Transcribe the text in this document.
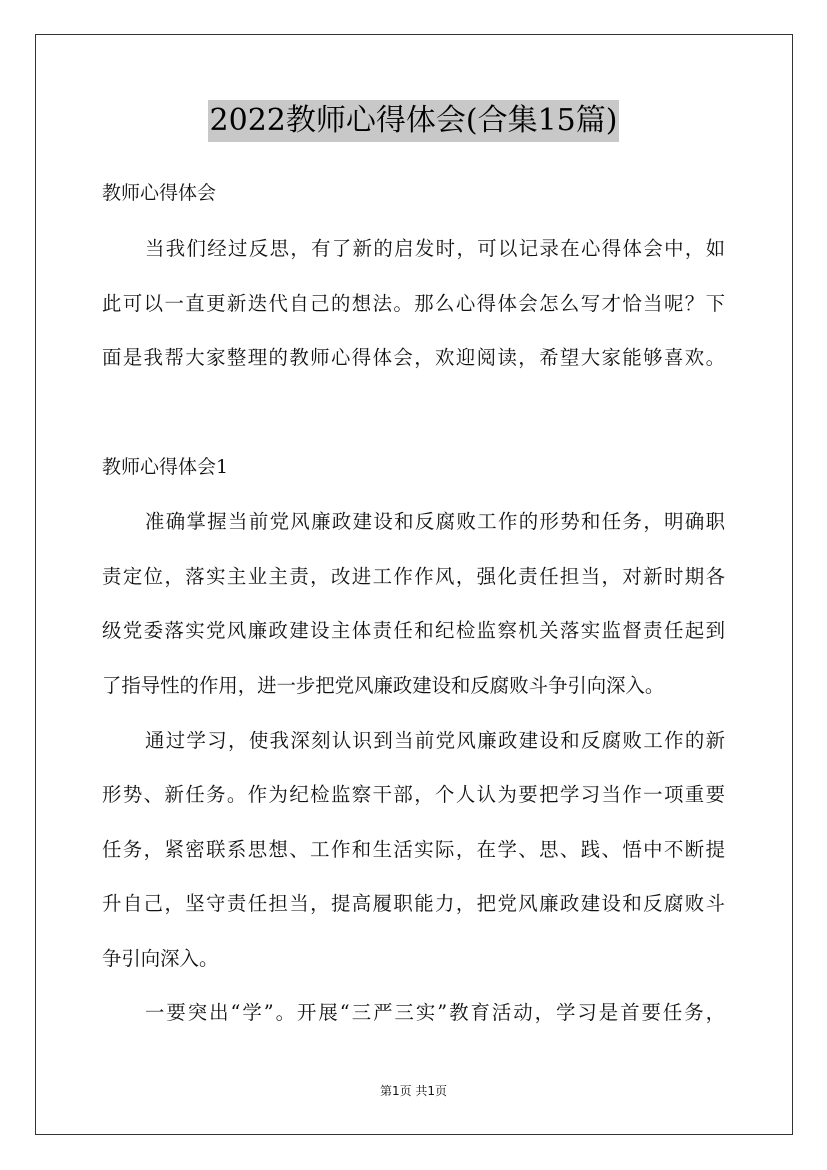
2022教师心得体会(合集15篇)
教师心得体会
当我们经过反思，有了新的启发时，可以记录在心得体会中，如
此可以一直更新迭代自己的想法。那么心得体会怎么写才恰当呢？下
面是我帮大家整理的教师心得体会，欢迎阅读，希望大家能够喜欢。
教师心得体会1
准确掌握当前党风廉政建设和反腐败工作的形势和任务，明确职
责定位，落实主业主责，改进工作作风，强化责任担当，对新时期各
级党委落实党风廉政建设主体责任和纪检监察机关落实监督责任起到
了指导性的作用，进一步把党风廉政建设和反腐败斗争引向深入。
通过学习，使我深刻认识到当前党风廉政建设和反腐败工作的新
形势、新任务。作为纪检监察干部，个人认为要把学习当作一项重要
任务，紧密联系思想、工作和生活实际，在学、思、践、悟中不断提
升自己，坚守责任担当，提高履职能力，把党风廉政建设和反腐败斗
争引向深入。
一要突出“学”。开展“三严三实”教育活动，学习是首要任务，
第1页 共1页
